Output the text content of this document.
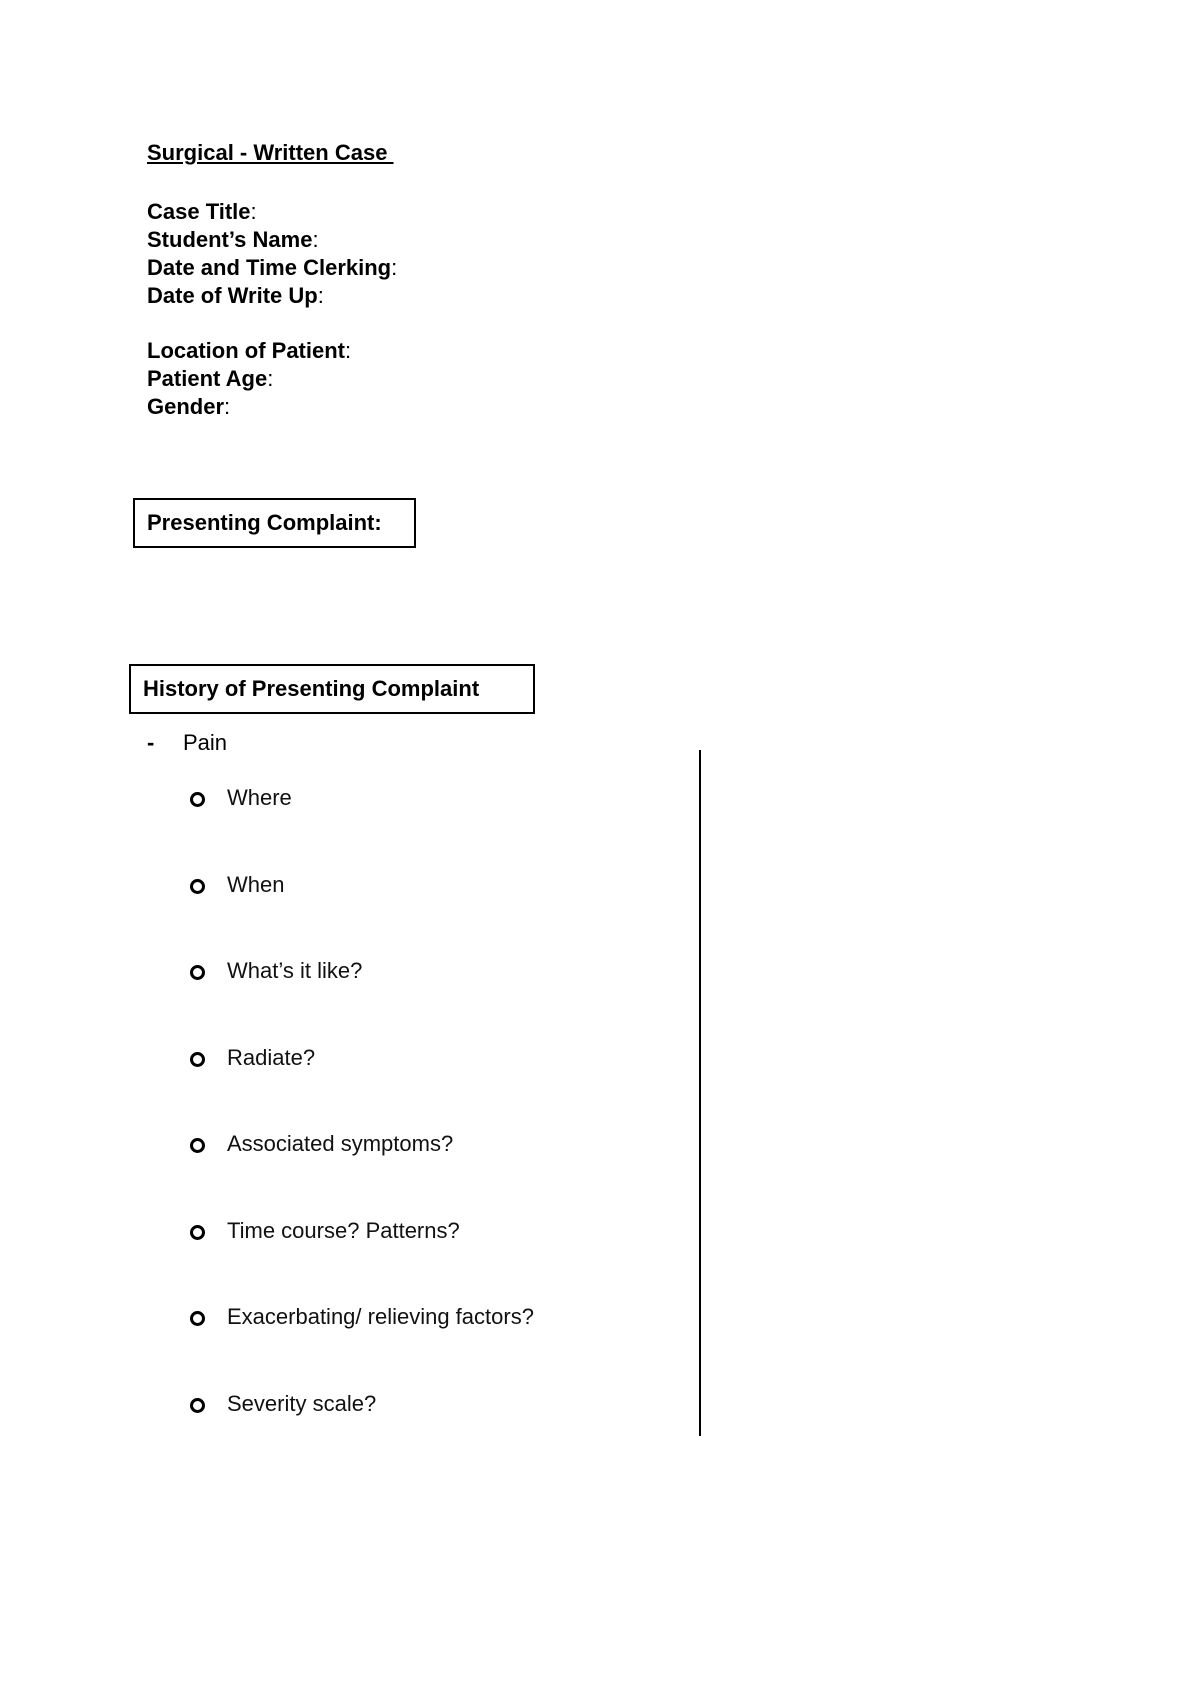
Surgical - Written Case
Case Title:
Student’s Name:
Date and Time Clerking:
Date of Write Up:
Location of Patient:
Patient Age:
Gender:
Presenting Complaint:
History of Presenting Complaint
-	Pain
Where
When
What’s it like?
Radiate?
Associated symptoms?
Time course? Patterns?
Exacerbating/ relieving factors?
Severity scale?
